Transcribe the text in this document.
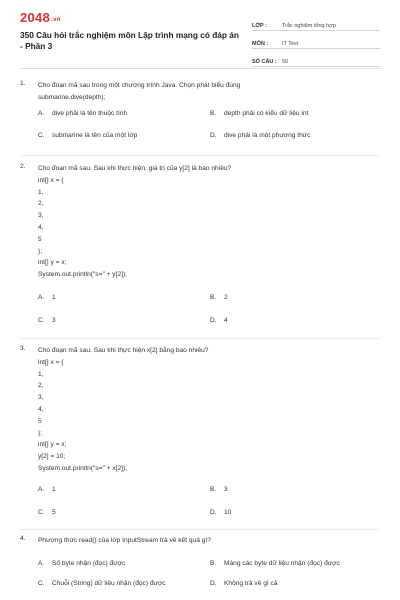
$2048_{.vn}$
350 Câu hỏi trắc nghiệm môn Lập trình mạng có đáp án - Phần 3
LỚP :	Trắc nghiệm tổng hợp
MÔN :	IT Test
SỐ CÂU : 50
1. Cho đoạn mã sau trong một chương trình Java. Chọn phát biểu đúng
submarine.dive(depth);
A. dive phải là tên thuộc tính	B. depth phải có kiểu dữ liệu int
C. submarine là tên của một lớp	D. dive phải là một phương thức
2. Cho đoạn mã sau. Sau khi thực hiện, giá trị của y[2] là bao nhiêu?
int[] x = {
1,
2,
3,
4,
5
};
int[] y = x;
System.out.println("s=" + y[2]);
A. 1	B. 2
C. 3	D. 4
3. Cho đoạn mã sau. Sau khi thực hiện x[2] bằng bao nhiêu?
int[] x = {
1,
2,
3,
4,
5
};
int[] y = x;
y[2] = 10;
System.out.println("s=" + x[2]);
A. 1	B. 3
C. 5	D. 10
4. Phương thức read() của lớp InputStream trả về kết quả gì?
A. Số byte nhận (đọc) được	B. Mảng các byte dữ liệu nhận (đọc) được
C. Chuỗi (String) dữ liệu nhận (đọc) được	D. Không trả về gì cả
